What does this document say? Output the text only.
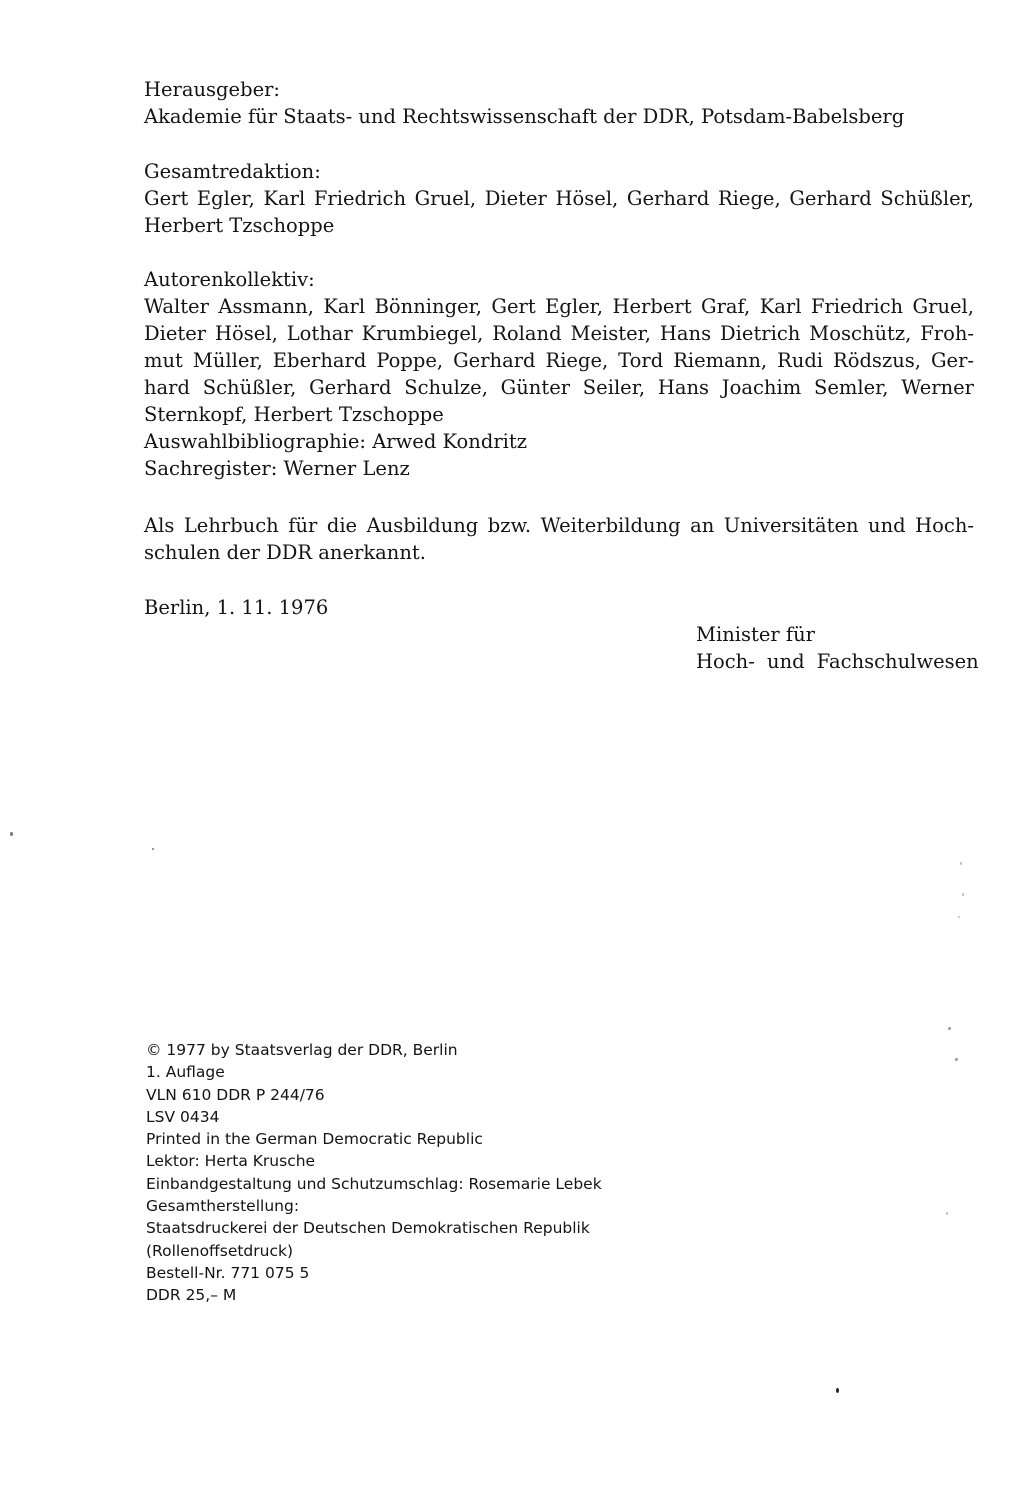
Herausgeber:
Akademie für Staats- und Rechtswissenschaft der DDR, Potsdam-Babelsberg
Gesamtredaktion:
Gert Egler, Karl Friedrich Gruel, Dieter Hösel, Gerhard Riege, Gerhard Schüßler,
Herbert Tzschoppe
Autorenkollektiv:
Walter Assmann, Karl Bönninger, Gert Egler, Herbert Graf, Karl Friedrich Gruel,
Dieter Hösel, Lothar Krumbiegel, Roland Meister, Hans Dietrich Moschütz, Froh-
mut Müller, Eberhard Poppe, Gerhard Riege, Tord Riemann, Rudi Rödszus, Ger-
hard Schüßler, Gerhard Schulze, Günter Seiler, Hans Joachim Semler, Werner
Sternkopf, Herbert Tzschoppe
Auswahlbibliographie: Arwed Kondritz
Sachregister: Werner Lenz
Als Lehrbuch für die Ausbildung bzw. Weiterbildung an Universitäten und Hoch-
schulen der DDR anerkannt.
Berlin, 1. 11. 1976
Minister für
Hoch- und Fachschulwesen
© 1977 by Staatsverlag der DDR, Berlin
1. Auflage
VLN 610 DDR P 244/76
LSV 0434
Printed in the German Democratic Republic
Lektor: Herta Krusche
Einbandgestaltung und Schutzumschlag: Rosemarie Lebek
Gesamtherstellung:
Staatsdruckerei der Deutschen Demokratischen Republik
(Rollenoffsetdruck)
Bestell-Nr. 771 075 5
DDR 25,– M
